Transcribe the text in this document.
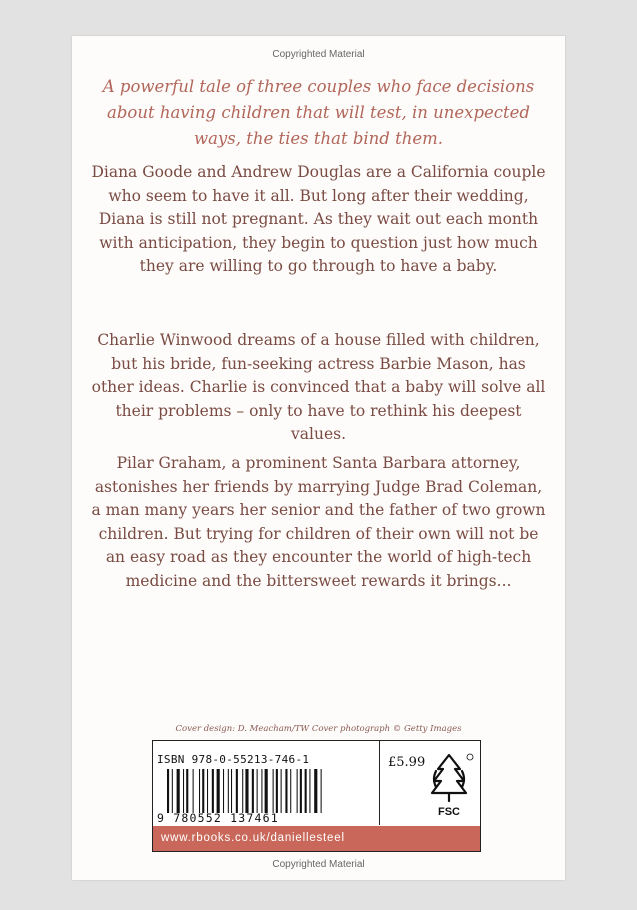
Copyrighted Material
A powerful tale of three couples who face decisions about having children that will test, in unexpected ways, the ties that bind them.

Diana Goode and Andrew Douglas are a California couple who seem to have it all. But long after their wedding, Diana is still not pregnant. As they wait out each month with anticipation, they begin to question just how much they are willing to go through to have a baby.

Charlie Winwood dreams of a house filled with children, but his bride, fun-seeking actress Barbie Mason, has other ideas. Charlie is convinced that a baby will solve all their problems – only to have to rethink his deepest values.

Pilar Graham, a prominent Santa Barbara attorney, astonishes her friends by marrying Judge Brad Coleman, a man many years her senior and the father of two grown children. But trying for children of their own will not be an easy road as they encounter the world of high-tech medicine and the bittersweet rewards it brings...

Cover design: D. Meacham/TW Cover photograph © Getty Images
ISBN 978-0-55213-746-1
9 780552 137461
£5.99
FSC
www.rbooks.co.uk/daniellesteel
Copyrighted Material
